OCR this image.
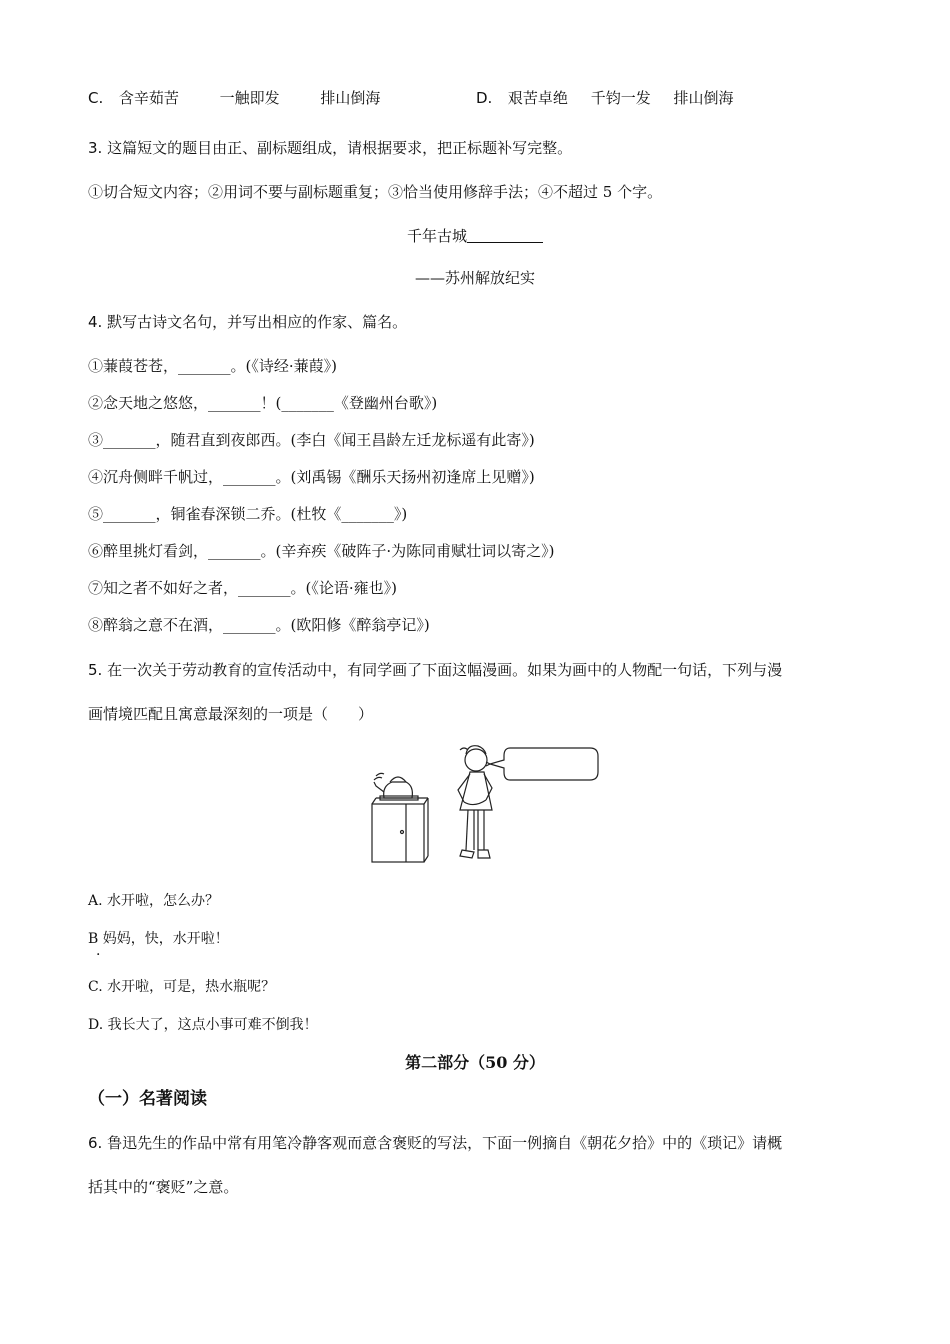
C. 含辛茹苦	一触即发	排山倒海	D. 艰苦卓绝 千钧一发 排山倒海
3. 这篇短文的题目由正、副标题组成，请根据要求，把正标题补写完整。
①切合短文内容；②用词不要与副标题重复；③恰当使用修辞手法；④不超过 5 个字。
千年古城
——苏州解放纪实
4. 默写古诗文名句，并写出相应的作家、篇名。
①蒹葭苍苍，_______。(《诗经·蒹葭》)
②念天地之悠悠，_______！(_______《登幽州台歌》)
③_______，随君直到夜郎西。(李白《闻王昌龄左迁龙标遥有此寄》)
④沉舟侧畔千帆过，_______。(刘禹锡《酬乐天扬州初逢席上见赠》)
⑤_______，铜雀春深锁二乔。(杜牧《_______》)
⑥醉里挑灯看剑，_______。(辛弃疾《破阵子·为陈同甫赋壮词以寄之》)
⑦知之者不如好之者，_______。(《论语·雍也》)
⑧醉翁之意不在酒，_______。(欧阳修《醉翁亭记》)
5. 在一次关于劳动教育的宣传活动中，有同学画了下面这幅漫画。如果为画中的人物配一句话，下列与漫
画情境匹配且寓意最深刻的一项是（　　）
A. 水开啦，怎么办？
B 妈妈，快，水开啦！
·
C. 水开啦，可是，热水瓶呢？
D. 我长大了，这点小事可难不倒我！
第二部分（50 分）
（一）名著阅读
6. 鲁迅先生的作品中常有用笔冷静客观而意含褒贬的写法，下面一例摘自《朝花夕拾》中的《琐记》请概
括其中的“褒贬”之意。
